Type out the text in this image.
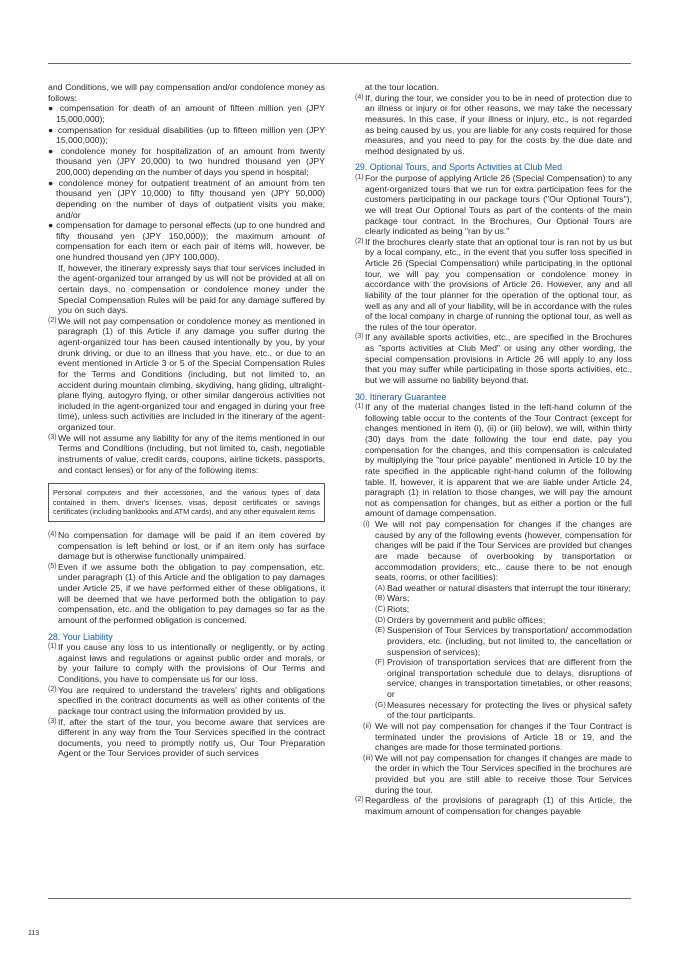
and Conditions, we will pay compensation and/or condolence money as follows:

● compensation for death of an amount of fifteen million yen (JPY 15,000,000);

● compensation for residual disabilities (up to fifteen million yen (JPY 15,000,000));

● condolence money for hospitalization of an amount from twenty thousand yen (JPY 20,000) to two hundred thousand yen (JPY 200,000) depending on the number of days you spend in hospital;

● condolence money for outpatient treatment of an amount from ten thousand yen (JPY 10,000) to fifty thousand yen (JPY 50,000) depending on the number of days of outpatient visits you make; and/or

● compensation for damage to personal effects (up to one hundred and fifty thousand yen (JPY 150,000)); the maximum amount of compensation for each item or each pair of items will, however, be one hundred thousand yen (JPY 100,000).

If, however, the itinerary expressly says that tour services included in the agent-organized tour arranged by us will not be provided at all on certain days, no compensation or condolence money under the Special Compensation Rules will be paid for any damage suffered by you on such days.

(2) We will not pay compensation or condolence money as mentioned in paragraph (1) of this Article if any damage you suffer during the agent-organized tour has been caused intentionally by you, by your drunk driving, or due to an illness that you have, etc., or due to an event mentioned in Article 3 or 5 of the Special Compensation Rules for the Terms and Conditions (including, but not limited to, an accident during mountain climbing, skydiving, hang gliding, ultralight-plane flying, autogyro flying, or other similar dangerous activities not included in the agent-organized tour and engaged in during your free time), unless such activities are included in the itinerary of the agent-organized tour.

(3) We will not assume any liability for any of the items mentioned in our Terms and Conditions (including, but not limited to, cash, negotiable instruments of value, credit cards, coupons, airline tickets, passports, and contact lenses) or for any of the following items:

Personal computers and their accessories, and the various types of data contained in them, driver's licenses, visas, deposit certificates or savings certificates (including bankbooks and ATM cards), and any other equivalent items

(4) No compensation for damage will be paid if an item covered by compensation is left behind or lost, or if an item only has surface damage but is otherwise functionally unimpaired.

(5) Even if we assume both the obligation to pay compensation, etc. under paragraph (1) of this Article and the obligation to pay damages under Article 25, if we have performed either of these obligations, it will be deemed that we have performed both the obligation to pay compensation, etc. and the obligation to pay damages so far as the amount of the performed obligation is concerned.

28. Your Liability

(1) If you cause any loss to us intentionally or negligently, or by acting against laws and regulations or against public order and morals, or by your failure to comply with the provisions of Our Terms and Conditions, you have to compensate us for our loss.

(2) You are required to understand the travelers' rights and obligations specified in the contract documents as well as other contents of the package tour contract using the information provided by us.

(3) If, after the start of the tour, you become aware that services are different in any way from the Tour Services specified in the contract documents, you need to promptly notify us, Our Tour Preparation Agent or the Tour Services provider of such services

at the tour location.

(4) If, during the tour, we consider you to be in need of protection due to an illness or injury or for other reasons, we may take the necessary measures. In this case, if your illness or injury, etc., is not regarded as being caused by us, you are liable for any costs required for those measures, and you need to pay for the costs by the due date and method designated by us.

29. Optional Tours, and Sports Activities at Club Med

(1) For the purpose of applying Article 26 (Special Compensation) to any agent-organized tours that we run for extra participation fees for the customers participating in our package tours ("Our Optional Tours"), we will treat Our Optional Tours as part of the contents of the main package tour contract. In the Brochures, Our Optional Tours are clearly indicated as being "ran by us."

(2) If the brochures clearly state that an optional tour is ran not by us but by a local company, etc., in the event that you suffer loss specified in Article 26 (Special Compensation) while participating in the optional tour, we will pay you compensation or condolence money in accordance with the provisions of Article 26. However, any and all liability of the tour planner for the operation of the optional tour, as well as any and all of your liability, will be in accordance with the rules of the local company in charge of running the optional tour, as well as the rules of the tour operator.

(3) If any available sports activities, etc., are specified in the Brochures as "sports activities at Club Med" or using any other wording, the special compensation provisions in Article 26 will apply to any loss that you may suffer while participating in those sports activities, etc., but we will assume no liability beyond that.

30. Itinerary Guarantee

(1) If any of the material changes listed in the left-hand column of the following table occur to the contents of the Tour Contract (except for changes mentioned in item (i), (ii) or (iii) below), we will, within thirty (30) days from the date following the tour end date, pay you compensation for the changes, and this compensation is calculated by multiplying the "tour price payable" mentioned in Article 10 by the rate specified in the applicable right-hand column of the following table. If, however, it is apparent that we are liable under Article 24, paragraph (1) in relation to those changes, we will pay the amount not as compensation for changes, but as either a portion or the full amount of damage compensation.

(i) We will not pay compensation for changes if the changes are caused by any of the following events (however, compensation for changes will be paid if the Tour Services are provided but changes are made because of overbooking by transportation or accommodation providers, etc., cause there to be not enough seats, rooms, or other facilities):

(A) Bad weather or natural disasters that interrupt the tour itinerary;

(B) Wars;

(C) Riots;

(D) Orders by government and public offices;

(E) Suspension of Tour Services by transportation/ accommodation providers, etc. (including, but not limited to, the cancellation or suspension of services);

(F) Provision of transportation services that are different from the original transportation schedule due to delays, disruptions of service, changes in transportation timetables, or other reasons; or

(G) Measures necessary for protecting the lives or physical safety of the tour participants.

(ii) We will not pay compensation for changes if the Tour Contract is terminated under the provisions of Article 18 or 19, and the changes are made for those terminated portions.

(iii) We will not pay compensation for changes if changes are made to the order in which the Tour Services specified in the brochures are provided but you are still able to receive those Tour Services during the tour.

(2) Regardless of the provisions of paragraph (1) of this Article, the maximum amount of compensation for changes payable

113
